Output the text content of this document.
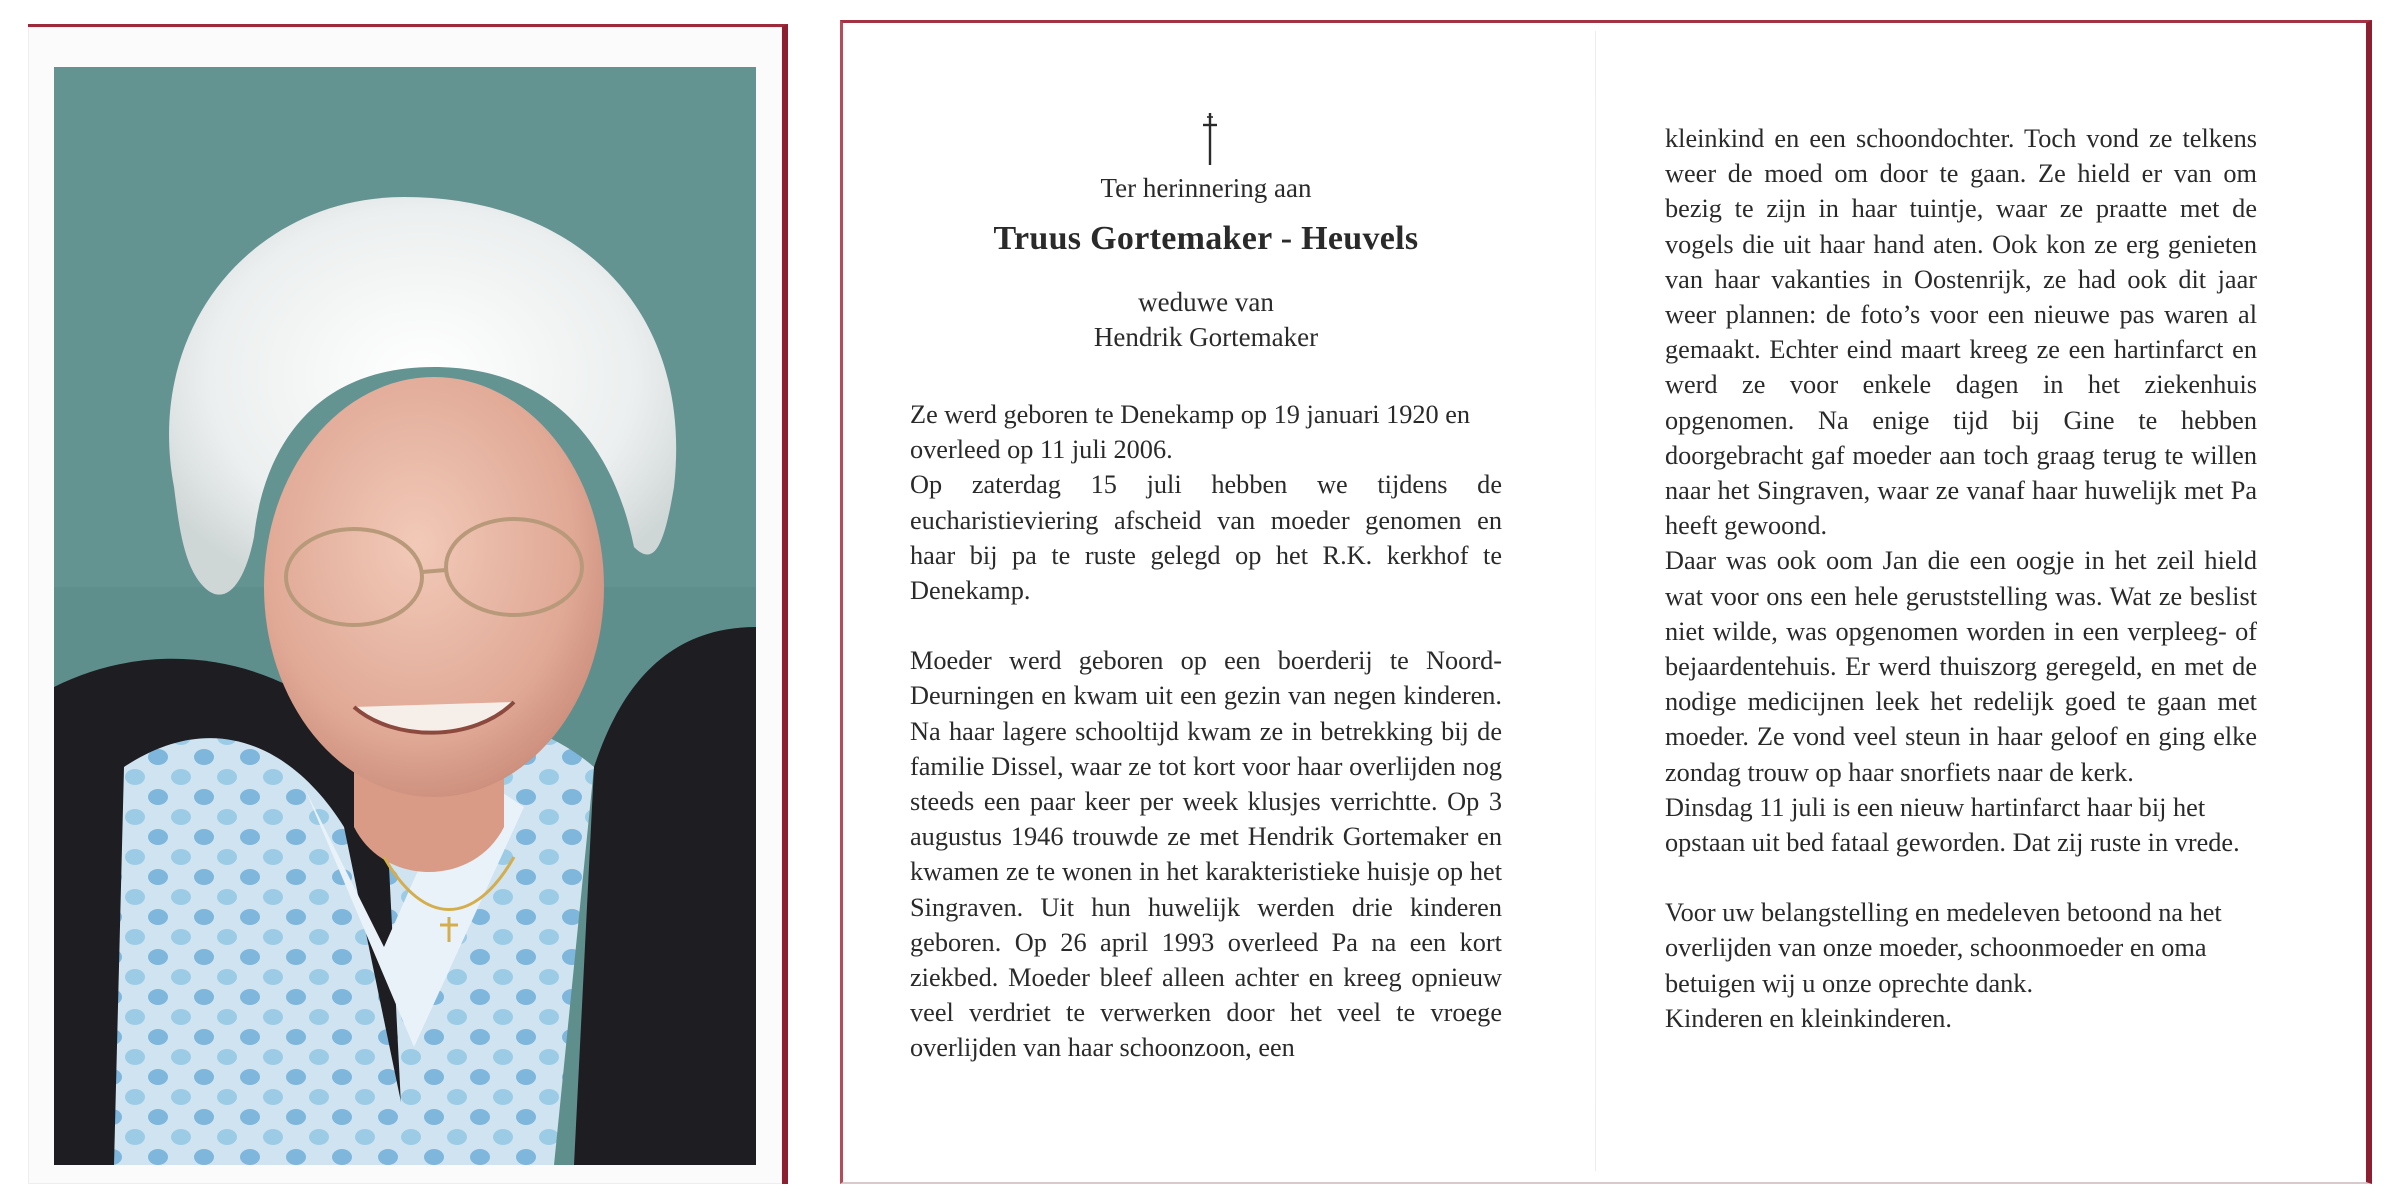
Ter herinnering aan
Truus Gortemaker - Heuvels
weduwe van
Hendrik Gortemaker

Ze werd geboren te Denekamp op 19 januari 1920 en overleed op 11 juli 2006.

Op zaterdag 15 juli hebben we tijdens de eucharistieviering afscheid van moeder genomen en haar bij pa te ruste gelegd op het R.K. kerkhof te Denekamp.

Moeder werd geboren op een boerderij te Noord-Deurningen en kwam uit een gezin van negen kinderen. Na haar lagere schooltijd kwam ze in betrekking bij de familie Dissel, waar ze tot kort voor haar overlijden nog steeds een paar keer per week klusjes verrichtte. Op 3 augustus 1946 trouwde ze met Hendrik Gortemaker en kwamen ze te wonen in het karakteristieke huisje op het Singraven. Uit hun huwelijk werden drie kinderen geboren. Op 26 april 1993 overleed Pa na een kort ziekbed. Moeder bleef alleen achter en kreeg opnieuw veel verdriet te verwerken door het veel te vroege overlijden van haar schoonzoon, een

kleinkind en een schoondochter. Toch vond ze telkens weer de moed om door te gaan. Ze hield er van om bezig te zijn in haar tuintje, waar ze praatte met de vogels die uit haar hand aten. Ook kon ze erg genieten van haar vakanties in Oostenrijk, ze had ook dit jaar weer plannen: de foto’s voor een nieuwe pas waren al gemaakt. Echter eind maart kreeg ze een hartinfarct en werd ze voor enkele dagen in het ziekenhuis opgenomen. Na enige tijd bij Gine te hebben doorgebracht gaf moeder aan toch graag terug te willen naar het Singraven, waar ze vanaf haar huwelijk met Pa heeft gewoond.

Daar was ook oom Jan die een oogje in het zeil hield wat voor ons een hele geruststelling was. Wat ze beslist niet wilde, was opgenomen worden in een verpleeg- of bejaardentehuis. Er werd thuiszorg geregeld, en met de nodige medicijnen leek het redelijk goed te gaan met moeder. Ze vond veel steun in haar geloof en ging elke zondag trouw op haar snorfiets naar de kerk.

Dinsdag 11 juli is een nieuw hartinfarct haar bij het opstaan uit bed fataal geworden. Dat zij ruste in vrede.

Voor uw belangstelling en medeleven betoond na het overlijden van onze moeder, schoonmoeder en oma betuigen wij u onze oprechte dank.

Kinderen en kleinkinderen.
